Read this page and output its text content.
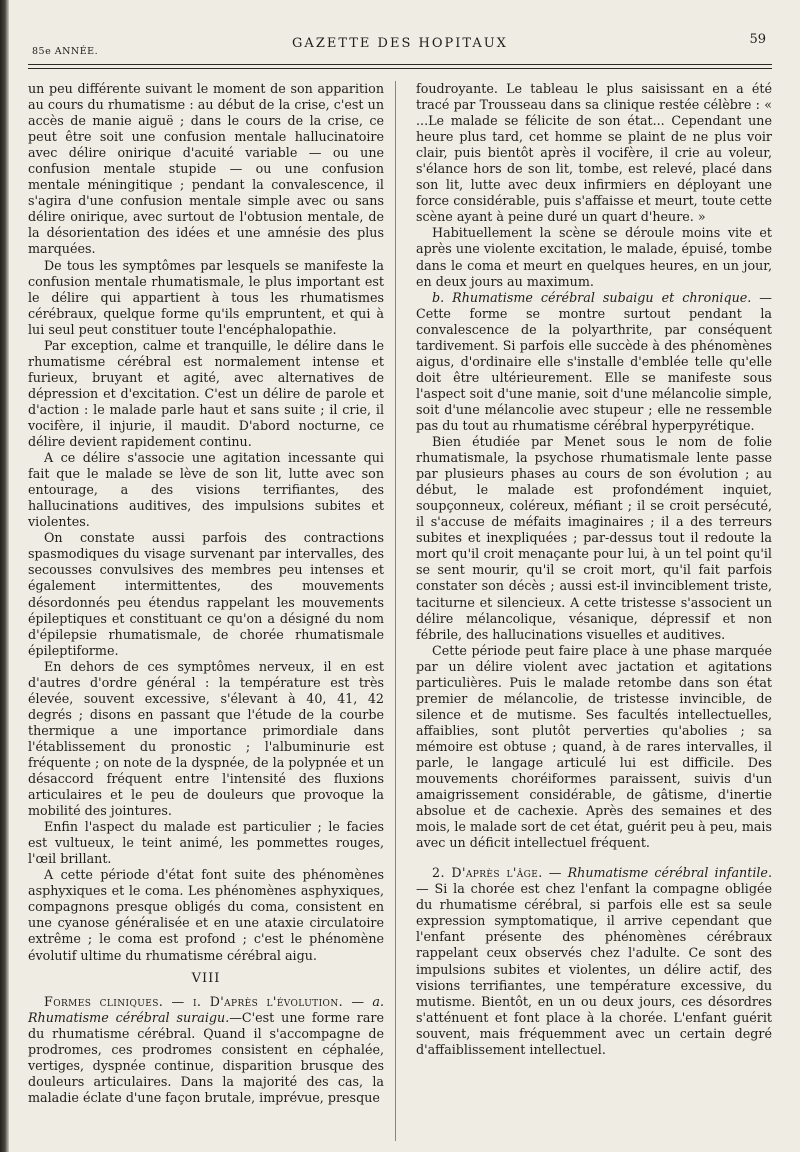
85e ANNÉE.
GAZETTE DES HOPITAUX	59

un peu différente suivant le moment de son apparition au cours du rhumatisme : au début de la crise, c'est un accès de manie aiguë ; dans le cours de la crise, ce peut être soit une confusion mentale hallucinatoire avec délire onirique d'acuité variable — ou une confusion mentale stupide — ou une confusion mentale méningitique ; pendant la convalescence, il s'agira d'une confusion mentale simple avec ou sans délire onirique, avec surtout de l'obtusion mentale, de la désorientation des idées et une amnésie des plus marquées.

De tous les symptômes par lesquels se manifeste la confusion mentale rhumatismale, le plus important est le délire qui appartient à tous les rhumatismes cérébraux, quelque forme qu'ils empruntent, et qui à lui seul peut constituer toute l'encéphalopathie.

Par exception, calme et tranquille, le délire dans le rhumatisme cérébral est normalement intense et furieux, bruyant et agité, avec alternatives de dépression et d'excitation. C'est un délire de parole et d'action : le malade parle haut et sans suite ; il crie, il vocifère, il injurie, il maudit. D'abord nocturne, ce délire devient rapidement continu.

A ce délire s'associe une agitation incessante qui fait que le malade se lève de son lit, lutte avec son entourage, a des visions terrifiantes, des hallucinations auditives, des impulsions subites et violentes.

On constate aussi parfois des contractions spasmodiques du visage survenant par intervalles, des secousses convulsives des membres peu intenses et également intermittentes, des mouvements désordonnés peu étendus rappelant les mouvements épileptiques et constituant ce qu'on a désigné du nom d'épilepsie rhumatismale, de chorée rhumatismale épileptiforme.

En dehors de ces symptômes nerveux, il en est d'autres d'ordre général : la température est très élevée, souvent excessive, s'élevant à 40, 41, 42 degrés ; disons en passant que l'étude de la courbe thermique a une importance primordiale dans l'établissement du pronostic ; l'albuminurie est fréquente ; on note de la dyspnée, de la polypnée et un désaccord fréquent entre l'intensité des fluxions articulaires et le peu de douleurs que provoque la mobilité des jointures.

Enfin l'aspect du malade est particulier ; le facies est vultueux, le teint animé, les pommettes rouges, l'œil brillant.

A cette période d'état font suite des phénomènes asphyxiques et le coma. Les phénomènes asphyxiques, compagnons presque obligés du coma, consistent en une cyanose généralisée et en une ataxie circulatoire extrême ; le coma est profond ; c'est le phénomène évolutif ultime du rhumatisme cérébral aigu.

VIII

Formes cliniques. — i. D'après l'évolution. — a. Rhumatisme cérébral suraigu.—C'est une forme rare du rhumatisme cérébral. Quand il s'accompagne de prodromes, ces prodromes consistent en céphalée, vertiges, dyspnée continue, disparition brusque des douleurs articulaires. Dans la majorité des cas, la maladie éclate d'une façon brutale, imprévue, presque

foudroyante. Le tableau le plus saisissant en a été tracé par Trousseau dans sa clinique restée célèbre : « ...Le malade se félicite de son état... Cependant une heure plus tard, cet homme se plaint de ne plus voir clair, puis bientôt après il vocifère, il crie au voleur, s'élance hors de son lit, tombe, est relevé, placé dans son lit, lutte avec deux infirmiers en déployant une force considérable, puis s'affaisse et meurt, toute cette scène ayant à peine duré un quart d'heure. »

Habituellement la scène se déroule moins vite et après une violente excitation, le malade, épuisé, tombe dans le coma et meurt en quelques heures, en un jour, en deux jours au maximum.

b. Rhumatisme cérébral subaigu et chronique. — Cette forme se montre surtout pendant la convalescence de la polyarthrite, par conséquent tardivement. Si parfois elle succède à des phénomènes aigus, d'ordinaire elle s'installe d'emblée telle qu'elle doit être ultérieurement. Elle se manifeste sous l'aspect soit d'une manie, soit d'une mélancolie simple, soit d'une mélancolie avec stupeur ; elle ne ressemble pas du tout au rhumatisme cérébral hyperpyrétique.

Bien étudiée par Menet sous le nom de folie rhumatismale, la psychose rhumatismale lente passe par plusieurs phases au cours de son évolution ; au début, le malade est profondément inquiet, soupçonneux, coléreux, méfiant ; il se croit persécuté, il s'accuse de méfaits imaginaires ; il a des terreurs subites et inexpliquées ; par-dessus tout il redoute la mort qu'il croit menaçante pour lui, à un tel point qu'il se sent mourir, qu'il se croit mort, qu'il fait parfois constater son décès ; aussi est-il invinciblement triste, taciturne et silencieux. A cette tristesse s'associent un délire mélancolique, vésanique, dépressif et non fébrile, des hallucinations visuelles et auditives.

Cette période peut faire place à une phase marquée par un délire violent avec jactation et agitations particulières. Puis le malade retombe dans son état premier de mélancolie, de tristesse invincible, de silence et de mutisme. Ses facultés intellectuelles, affaiblies, sont plutôt perverties qu'abolies ; sa mémoire est obtuse ; quand, à de rares intervalles, il parle, le langage articulé lui est difficile. Des mouvements choréiformes paraissent, suivis d'un amaigrissement considérable, de gâtisme, d'inertie absolue et de cachexie. Après des semaines et des mois, le malade sort de cet état, guérit peu à peu, mais avec un déficit intellectuel fréquent.

2. D'après l'âge. — Rhumatisme cérébral infantile. — Si la chorée est chez l'enfant la compagne obligée du rhumatisme cérébral, si parfois elle est sa seule expression symptomatique, il arrive cependant que l'enfant présente des phénomènes cérébraux rappelant ceux observés chez l'adulte. Ce sont des impulsions subites et violentes, un délire actif, des visions terrifiantes, une température excessive, du mutisme. Bientôt, en un ou deux jours, ces désordres s'atténuent et font place à la chorée. L'enfant guérit souvent, mais fréquemment avec un certain degré d'affaiblissement intellectuel.
